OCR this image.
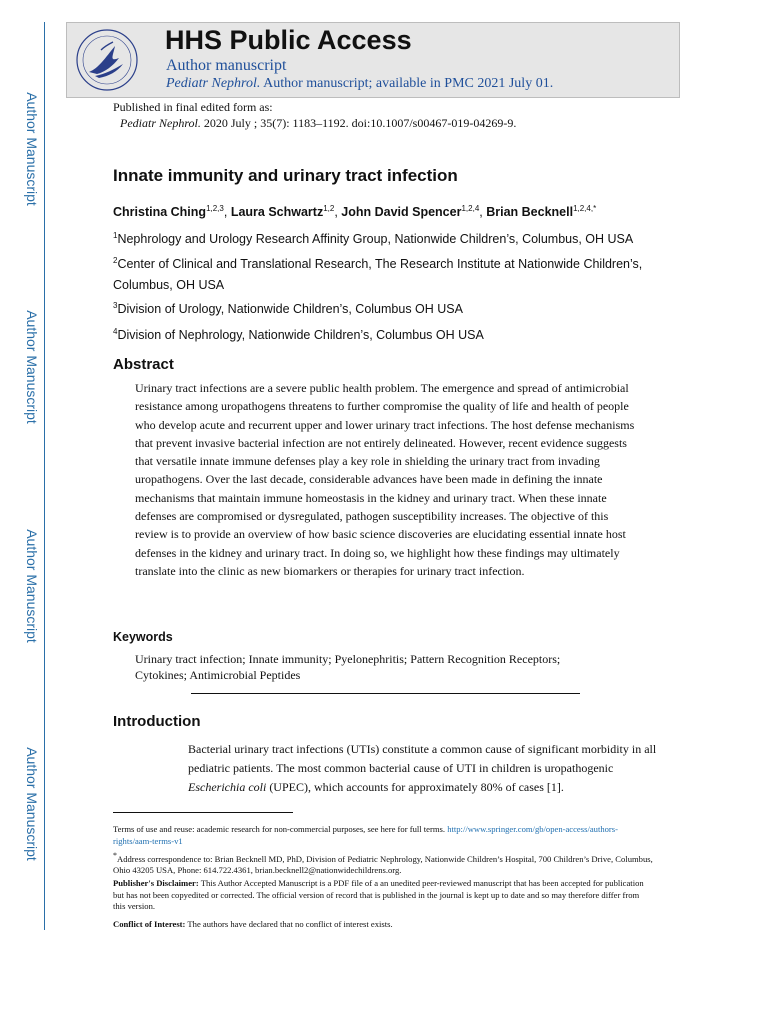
Author Manuscript
Author Manuscript
Author Manuscript
Author Manuscript
HHS Public Access
Author manuscript
Pediatr Nephrol. Author manuscript; available in PMC 2021 July 01.
Published in final edited form as:
Pediatr Nephrol. 2020 July ; 35(7): 1183–1192. doi:10.1007/s00467-019-04269-9.
Innate immunity and urinary tract infection
Christina Ching$^{1,2,3}$, Laura Schwartz$^{1,2}$, John David Spencer$^{1,2,4}$, Brian Becknell$^{1,2,4,*}$
$^1$Nephrology and Urology Research Affinity Group, Nationwide Children’s, Columbus, OH USA
$^2$Center of Clinical and Translational Research, The Research Institute at Nationwide Children’s, Columbus, OH USA
$^3$Division of Urology, Nationwide Children’s, Columbus OH USA
$^4$Division of Nephrology, Nationwide Children’s, Columbus OH USA
Abstract
Urinary tract infections are a severe public health problem. The emergence and spread of antimicrobial resistance among uropathogens threatens to further compromise the quality of life and health of people who develop acute and recurrent upper and lower urinary tract infections. The host defense mechanisms that prevent invasive bacterial infection are not entirely delineated. However, recent evidence suggests that versatile innate immune defenses play a key role in shielding the urinary tract from invading uropathogens. Over the last decade, considerable advances have been made in defining the innate mechanisms that maintain immune homeostasis in the kidney and urinary tract. When these innate defenses are compromised or dysregulated, pathogen susceptibility increases. The objective of this review is to provide an overview of how basic science discoveries are elucidating essential innate host defenses in the kidney and urinary tract. In doing so, we highlight how these findings may ultimately translate into the clinic as new biomarkers or therapies for urinary tract infection.
Keywords
Urinary tract infection; Innate immunity; Pyelonephritis; Pattern Recognition Receptors; Cytokines; Antimicrobial Peptides
Introduction
Bacterial urinary tract infections (UTIs) constitute a common cause of significant morbidity in all pediatric patients. The most common bacterial cause of UTI in children is uropathogenic Escherichia coli (UPEC), which accounts for approximately 80% of cases [1].
Terms of use and reuse: academic research for non-commercial purposes, see here for full terms. http://www.springer.com/gb/open-access/authors-rights/aam-terms-v1
*Address correspondence to: Brian Becknell MD, PhD, Division of Pediatric Nephrology, Nationwide Children’s Hospital, 700 Children’s Drive, Columbus, Ohio 43205 USA, Phone: 614.722.4361, brian.becknell2@nationwidechildrens.org.
Publisher's Disclaimer: This Author Accepted Manuscript is a PDF file of a an unedited peer-reviewed manuscript that has been accepted for publication but has not been copyedited or corrected. The official version of record that is published in the journal is kept up to date and so may therefore differ from this version.
Conflict of Interest: The authors have declared that no conflict of interest exists.
